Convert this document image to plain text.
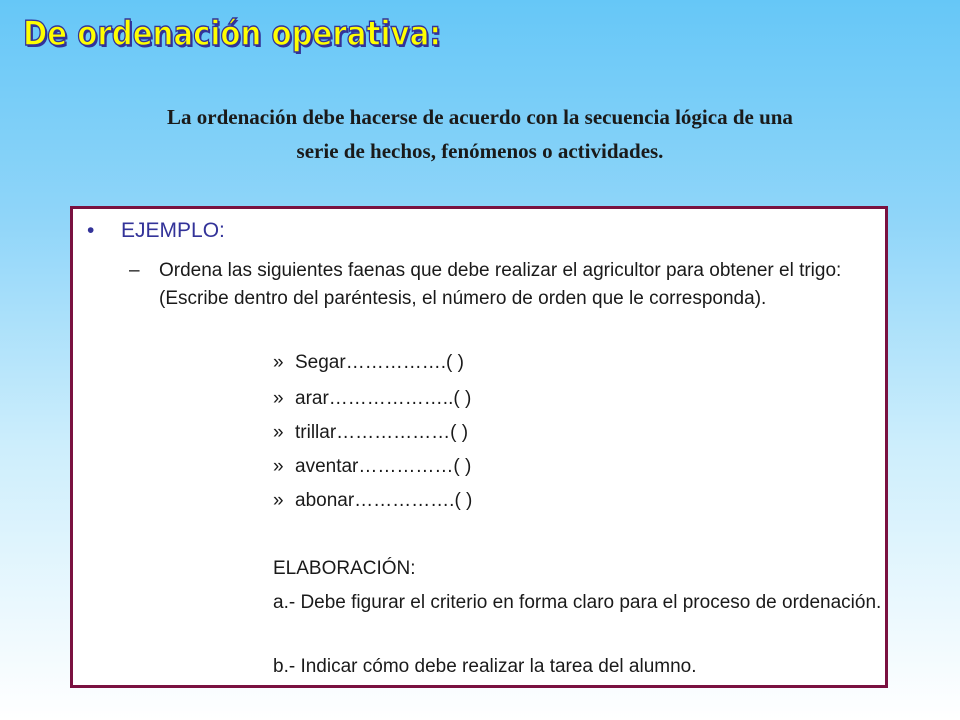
De ordenación operativa:
La ordenación debe hacerse de acuerdo con la secuencia lógica de una
serie de hechos, fenómenos o actividades.
• EJEMPLO:
– Ordena las siguientes faenas que debe realizar el agricultor para obtener el trigo:(Escribe dentro del paréntesis, el número de orden que le corresponda).
» Segar…………….( )
» arar………………..( )
» trillar………………( )
» aventar……………( )
» abonar…………….( )
ELABORACIÓN:
a.- Debe figurar el criterio en forma claro para el proceso de ordenación.
b.- Indicar cómo debe realizar la tarea del alumno.
